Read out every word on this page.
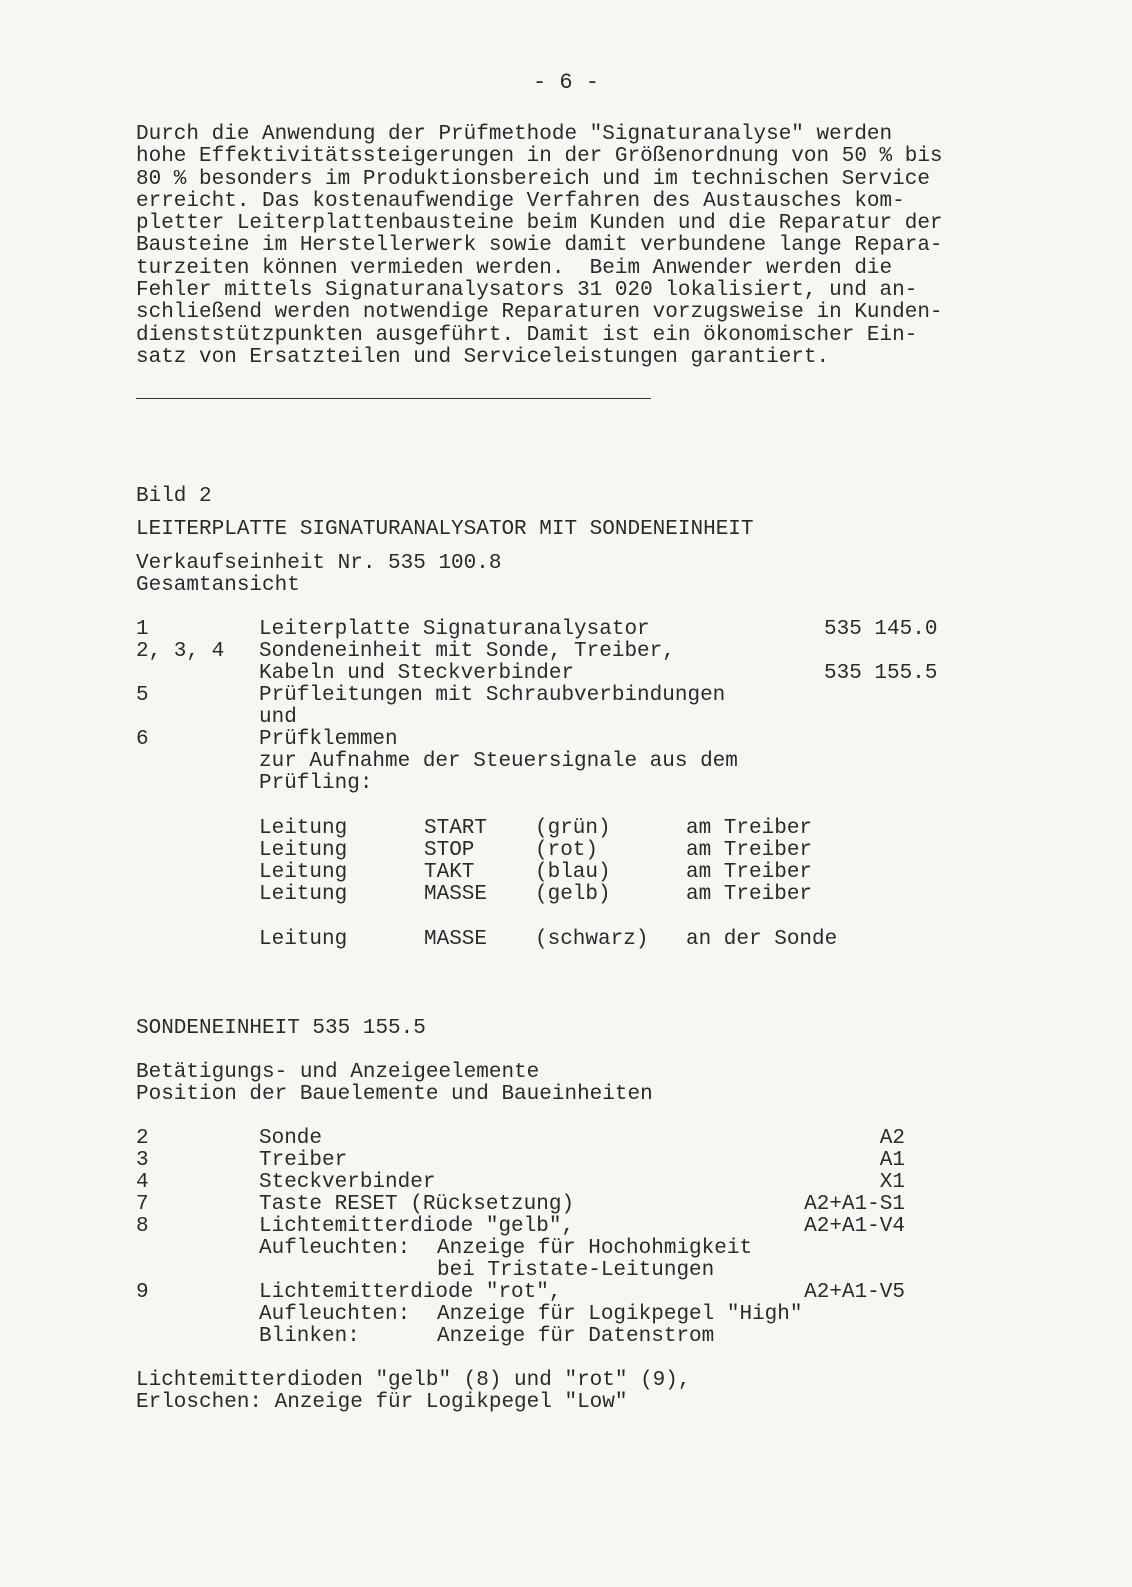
- 6 -
Durch die Anwendung der Prüfmethode "Signaturanalyse" werden
hohe Effektivitätssteigerungen in der Größenordnung von 50 % bis
80 % besonders im Produktionsbereich und im technischen Service
erreicht. Das kostenaufwendige Verfahren des Austausches kom-
pletter Leiterplattenbausteine beim Kunden und die Reparatur der
Bausteine im Herstellerwerk sowie damit verbundene lange Repara-
turzeiten können vermieden werden.  Beim Anwender werden die
Fehler mittels Signaturanalysators 31 020 lokalisiert, und an-
schließend werden notwendige Reparaturen vorzugsweise in Kunden-
dienststützpunkten ausgeführt. Damit ist ein ökonomischer Ein-
satz von Ersatzteilen und Serviceleistungen garantiert.
Bild 2
LEITERPLATTE SIGNATURANALYSATOR MIT SONDENEINHEIT
Verkaufseinheit Nr. 535 100.8
Gesamtansicht
1	Leiterplatte Signaturanalysator	535 145.0
2, 3, 4 Sondeneinheit mit Sonde, Treiber,
Kabeln und Steckverbinder	535 155.5
5	Prüfleitungen mit Schraubverbindungen
und
6	Prüfklemmen
zur Aufnahme der Steuersignale aus dem
Prüfling:
Leitung	START (grün)	am Treiber
Leitung	STOP	(rot)	am Treiber
Leitung	TAKT	(blau)	am Treiber
Leitung	MASSE (gelb)	am Treiber
Leitung	MASSE (schwarz) an der Sonde
SONDENEINHEIT 535 155.5
Betätigungs- und Anzeigeelemente
Position der Bauelemente und Baueinheiten
2	Sonde	A2
3	Treiber	A1
4	Steckverbinder	X1
7	Taste RESET (Rücksetzung)	A2+A1-S1
8	Lichtemitterdiode "gelb",	A2+A1-V4
Aufleuchten: Anzeige für Hochohmigkeit
bei Tristate-Leitungen
9	Lichtemitterdiode "rot",	A2+A1-V5
Aufleuchten: Anzeige für Logikpegel "High"
Blinken:	Anzeige für Datenstrom
Lichtemitterdioden "gelb" (8) und "rot" (9),
Erloschen: Anzeige für Logikpegel "Low"
